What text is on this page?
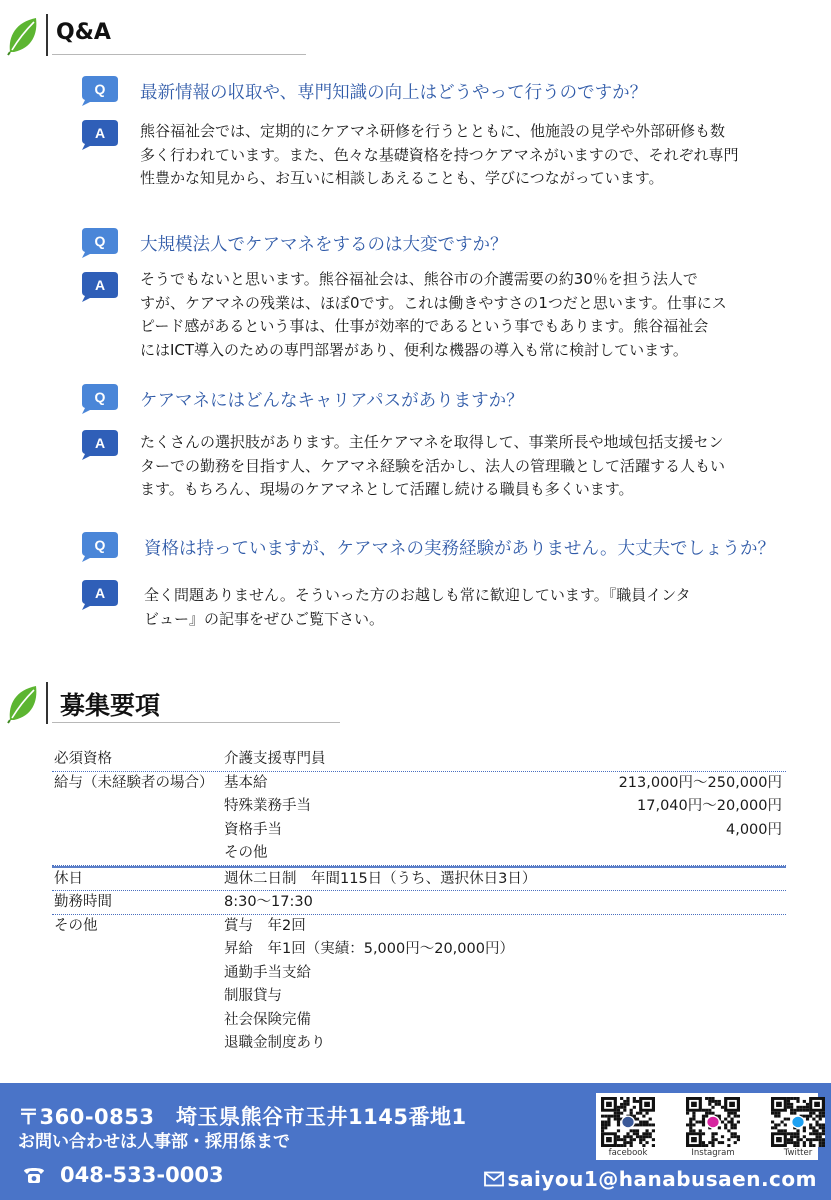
Q&A
Q 最新情報の収取や、専門知識の向上はどうやって行うのですか？
A 熊谷福祉会では、定期的にケアマネ研修を行うとともに、他施設の見学や外部研修も数
多く行われています。また、色々な基礎資格を持つケアマネがいますので、それぞれ専門
性豊かな知見から、お互いに相談しあえることも、学びにつながっています。
Q 大規模法人でケアマネをするのは大変ですか？
A そうでもないと思います。熊谷福祉会は、熊谷市の介護需要の約30％を担う法人で
すが、ケアマネの残業は、ほぼ0です。これは働きやすさの1つだと思います。仕事にス
ピード感があるという事は、仕事が効率的であるという事でもあります。熊谷福祉会
にはICT導入のための専門部署があり、便利な機器の導入も常に検討しています。
Q ケアマネにはどんなキャリアパスがありますか？
A たくさんの選択肢があります。主任ケアマネを取得して、事業所長や地域包括支援セン
ターでの勤務を目指す人、ケアマネ経験を活かし、法人の管理職として活躍する人もい
ます。もちろん、現場のケアマネとして活躍し続ける職員も多くいます。
Q 資格は持っていますが、ケアマネの実務経験がありません。大丈夫でしょうか？
A	全く問題ありません。そういった方のお越しも常に歓迎しています。『職員インタ
ビュー』の記事をぜひご覧下さい。
募集要項
必須資格	介護支援専門員
給与（未経験者の場合） 基本給	213,000円～250,000円
特殊業務手当	17,040円～20,000円
資格手当	4,000円
その他
休日	週休二日制　年間115日（うち、選択休日3日）
勤務時間	8:30～17:30
その他	賞与　年2回
昇給　年1回（実績：5,000円～20,000円）
通勤手当支給
制服貸与
社会保険完備
退職金制度あり
〒360-0853　埼玉県熊谷市玉井1145番地1
お問い合わせは人事部・採用係まで
048-533-0003
facebook	Instagram	Twitter
saiyou1@hanabusaen.com
